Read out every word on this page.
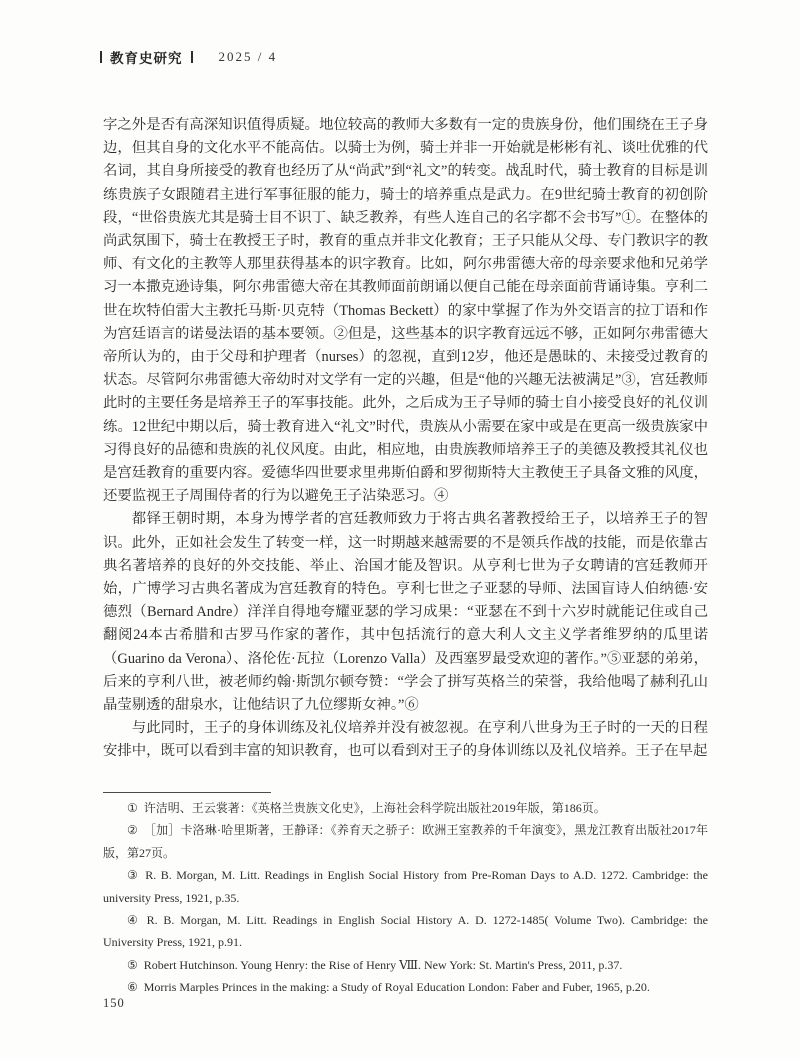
教育史研究	2025 / 4

字之外是否有高深知识值得质疑。地位较高的教师大多数有一定的贵族身份，他们围绕在王子身边，但其自身的文化水平不能高估。以骑士为例，骑士并非一开始就是彬彬有礼、谈吐优雅的代名词，其自身所接受的教育也经历了从“尚武”到“礼文”的转变。战乱时代，骑士教育的目标是训练贵族子女跟随君主进行军事征服的能力，骑士的培养重点是武力。在9世纪骑士教育的初创阶段，“世俗贵族尤其是骑士目不识丁、缺乏教养，有些人连自己的名字都不会书写”①。在整体的尚武氛围下，骑士在教授王子时，教育的重点并非文化教育；王子只能从父母、专门教识字的教师、有文化的主教等人那里获得基本的识字教育。比如，阿尔弗雷德大帝的母亲要求他和兄弟学习一本撒克逊诗集，阿尔弗雷德大帝在其教师面前朗诵以便自己能在母亲面前背诵诗集。亨利二世在坎特伯雷大主教托马斯·贝克特（Thomas Beckett）的家中掌握了作为外交语言的拉丁语和作为宫廷语言的诺曼法语的基本要领。②但是，这些基本的识字教育远远不够，正如阿尔弗雷德大帝所认为的，由于父母和护理者（nurses）的忽视，直到12岁，他还是愚昧的、未接受过教育的状态。尽管阿尔弗雷德大帝幼时对文学有一定的兴趣，但是“他的兴趣无法被满足”③，宫廷教师此时的主要任务是培养王子的军事技能。此外，之后成为王子导师的骑士自小接受良好的礼仪训练。12世纪中期以后，骑士教育进入“礼文”时代，贵族从小需要在家中或是在更高一级贵族家中习得良好的品德和贵族的礼仪风度。由此，相应地，由贵族教师培养王子的美德及教授其礼仪也是宫廷教育的重要内容。爱德华四世要求里弗斯伯爵和罗彻斯特大主教使王子具备文雅的风度，还要监视王子周围侍者的行为以避免王子沾染恶习。④

都铎王朝时期，本身为博学者的宫廷教师致力于将古典名著教授给王子，以培养王子的智识。此外，正如社会发生了转变一样，这一时期越来越需要的不是领兵作战的技能，而是依靠古典名著培养的良好的外交技能、举止、治国才能及智识。从亨利七世为子女聘请的宫廷教师开始，广博学习古典名著成为宫廷教育的特色。亨利七世之子亚瑟的导师、法国盲诗人伯纳德·安德烈（Bernard Andre）洋洋自得地夸耀亚瑟的学习成果：“亚瑟在不到十六岁时就能记住或自己翻阅24本古希腊和古罗马作家的著作，其中包括流行的意大利人文主义学者维罗纳的瓜里诺（Guarino da Verona）、洛伦佐·瓦拉（Lorenzo Valla）及西塞罗最受欢迎的著作。”⑤亚瑟的弟弟，后来的亨利八世，被老师约翰·斯凯尔顿夸赞：“学会了拼写英格兰的荣誉，我给他喝了赫利孔山晶莹剔透的甜泉水，让他结识了九位缪斯女神。”⑥

与此同时，王子的身体训练及礼仪培养并没有被忽视。在亨利八世身为王子时的一天的日程安排中，既可以看到丰富的知识教育，也可以看到对王子的身体训练以及礼仪培养。王子在早起

① 许洁明、王云裳著：《英格兰贵族文化史》，上海社会科学院出版社2019年版，第186页。

② ［加］卡洛琳·哈里斯著，王静译：《养育天之骄子：欧洲王室教养的千年演变》，黑龙江教育出版社2017年版，第27页。

③ R. B. Morgan, M. Litt. Readings in English Social History from Pre-Roman Days to A.D. 1272. Cambridge: the university Press, 1921, p.35.

④ R. B. Morgan, M. Litt. Readings in English Social History A. D. 1272-1485( Volume Two). Cambridge: the University Press, 1921, p.91.

⑤ Robert Hutchinson. Young Henry: the Rise of Henry Ⅷ. New York: St. Martin's Press, 2011, p.37.

⑥ Morris Marples Princes in the making: a Study of Royal Education London: Faber and Fuber, 1965, p.20.

150
